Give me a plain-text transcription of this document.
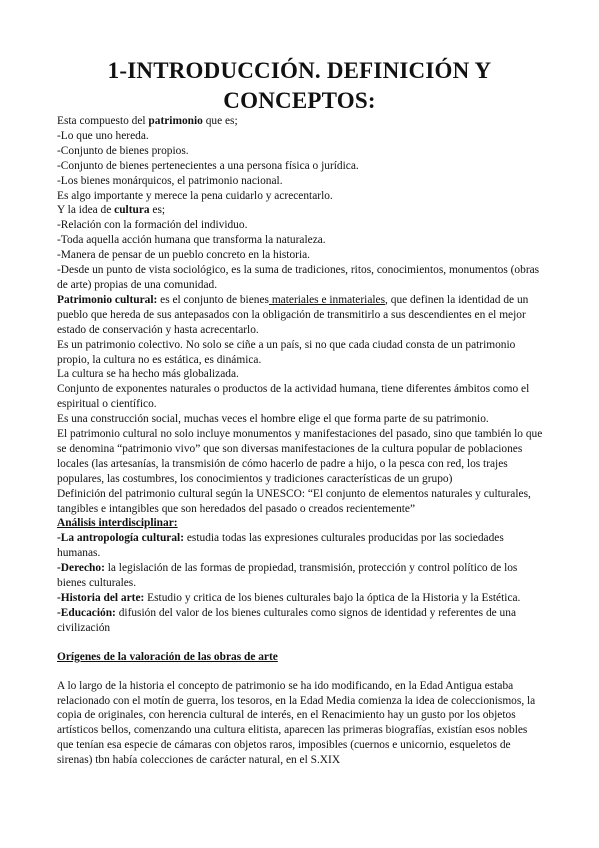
1-INTRODUCCIÓN. DEFINICIÓN Y
CONCEPTOS:

Esta compuesto del patrimonio que es;

-Lo que uno hereda.

-Conjunto de bienes propios.

-Conjunto de bienes pertenecientes a una persona física o jurídica.

-Los bienes monárquicos, el patrimonio nacional.

Es algo importante y merece la pena cuidarlo y acrecentarlo.

Y la idea de cultura es;

-Relación con la formación del individuo.

-Toda aquella acción humana que transforma la naturaleza.

-Manera de pensar de un pueblo concreto en la historia.

-Desde un punto de vista sociológico, es la suma de tradiciones, ritos, conocimientos, monumentos (obras de arte) propias de una comunidad.

Patrimonio cultural: es el conjunto de bienes materiales e inmateriales, que definen la identidad de un pueblo que hereda de sus antepasados con la obligación de transmitirlo a sus descendientes en el mejor estado de conservación y hasta acrecentarlo.

Es un patrimonio colectivo. No solo se ciñe a un país, si no que cada ciudad consta de un patrimonio propio, la cultura no es estática, es dinámica.

La cultura se ha hecho más globalizada.

Conjunto de exponentes naturales o productos de la actividad humana, tiene diferentes ámbitos como el espiritual o científico.

Es una construcción social, muchas veces el hombre elige el que forma parte de su patrimonio.

El patrimonio cultural no solo incluye monumentos y manifestaciones del pasado, sino que también lo que se denomina “patrimonio vivo” que son diversas manifestaciones de la cultura popular de poblaciones locales (las artesanías, la transmisión de cómo hacerlo de padre a hijo, o la pesca con red, los trajes populares, las costumbres, los conocimientos y tradiciones características de un grupo)

Definición del patrimonio cultural según la UNESCO: “El conjunto de elementos naturales y culturales, tangibles e intangibles que son heredados del pasado o creados recientemente”

Análisis interdisciplinar:

-La antropología cultural: estudia todas las expresiones culturales producidas por las sociedades humanas.

-Derecho: la legislación de las formas de propiedad, transmisión, protección y control político de los bienes culturales.

-Historia del arte: Estudio y critica de los bienes culturales bajo la óptica de la Historia y la Estética.

-Educación: difusión del valor de los bienes culturales como signos de identidad y referentes de una civilización

Orígenes de la valoración de las obras de arte

A lo largo de la historia el concepto de patrimonio se ha ido modificando, en la Edad Antigua estaba relacionado con el motín de guerra, los tesoros, en la Edad Media comienza la idea de coleccionismos, la copia de originales, con herencia cultural de interés, en el Renacimiento hay un gusto por los objetos artísticos bellos, comenzando una cultura elitista, aparecen las primeras biografías, existían esos nobles que tenían esa especie de cámaras con objetos raros, imposibles (cuernos e unicornio, esqueletos de sirenas) tbn había colecciones de carácter natural, en el S.XIX
